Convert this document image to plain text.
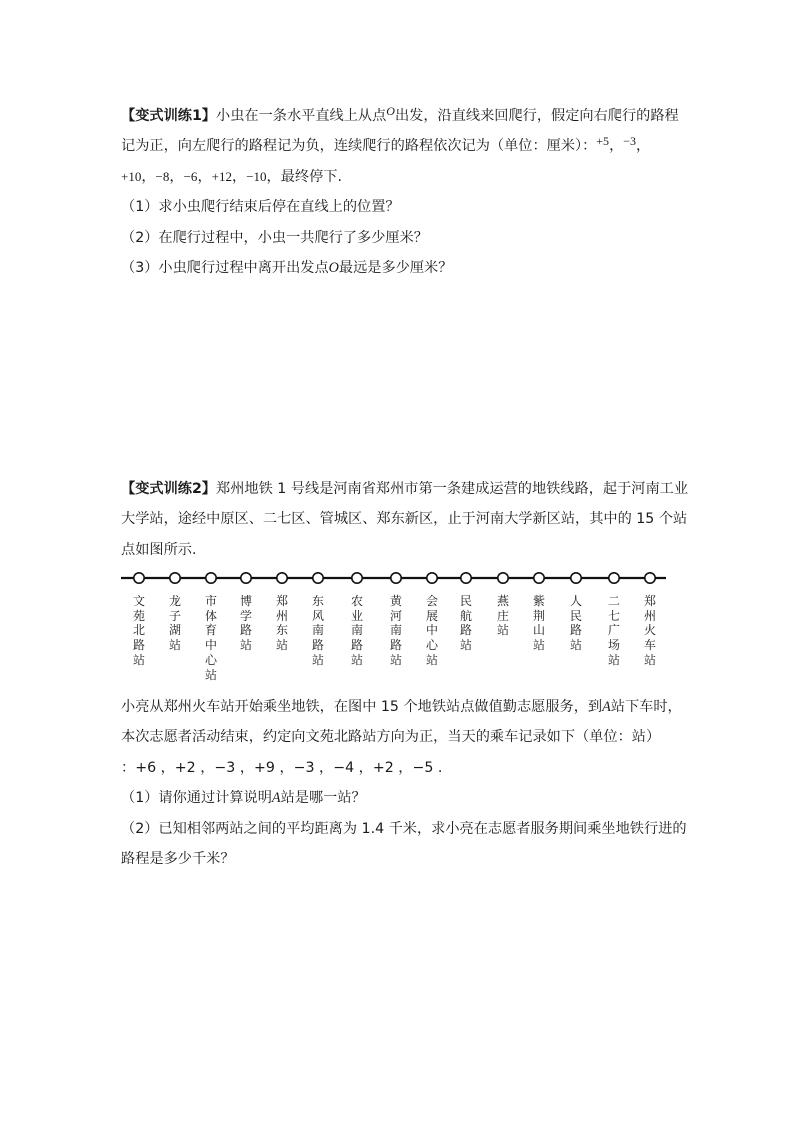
【变式训练1】小虫在一条水平直线上从点$^O$出发，沿直线来回爬行，假定向右爬行的路程
记为正，向左爬行的路程记为负，连续爬行的路程依次记为（单位：厘米）：$^{+5}$，$^{-3}$，
+10，−8，−6，+12，−10，最终停下.
（1）求小虫爬行结束后停在直线上的位置？
（2）在爬行过程中，小虫一共爬行了多少厘米？
（3）小虫爬行过程中离开出发点O最远是多少厘米？
【变式训练2】郑州地铁 1 号线是河南省郑州市第一条建成运营的地铁线路，起于河南工业
大学站，途经中原区、二七区、管城区、郑东新区，止于河南大学新区站，其中的 15 个站
点如图所示.
文苑北路站
龙子湖站
市体育中心站
博学路站
郑州东站
东风南路站
农业南路站
黄河南路站
会展中心站
民航路站
燕庄站
紫荆山站
人民路站
二七广场站
郑州火车站
小亮从郑州火车站开始乘坐地铁，在图中 15 个地铁站点做值勤志愿服务，到A站下车时，
本次志愿者活动结束，约定向文苑北路站方向为正，当天的乘车记录如下（单位：站）
：+6 ，+2 ，−3 ，+9 ，−3 ，−4 ，+2 ，−5 .
（1）请你通过计算说明A站是哪一站？
（2）已知相邻两站之间的平均距离为 1.4 千米，求小亮在志愿者服务期间乘坐地铁行进的
路程是多少千米？
